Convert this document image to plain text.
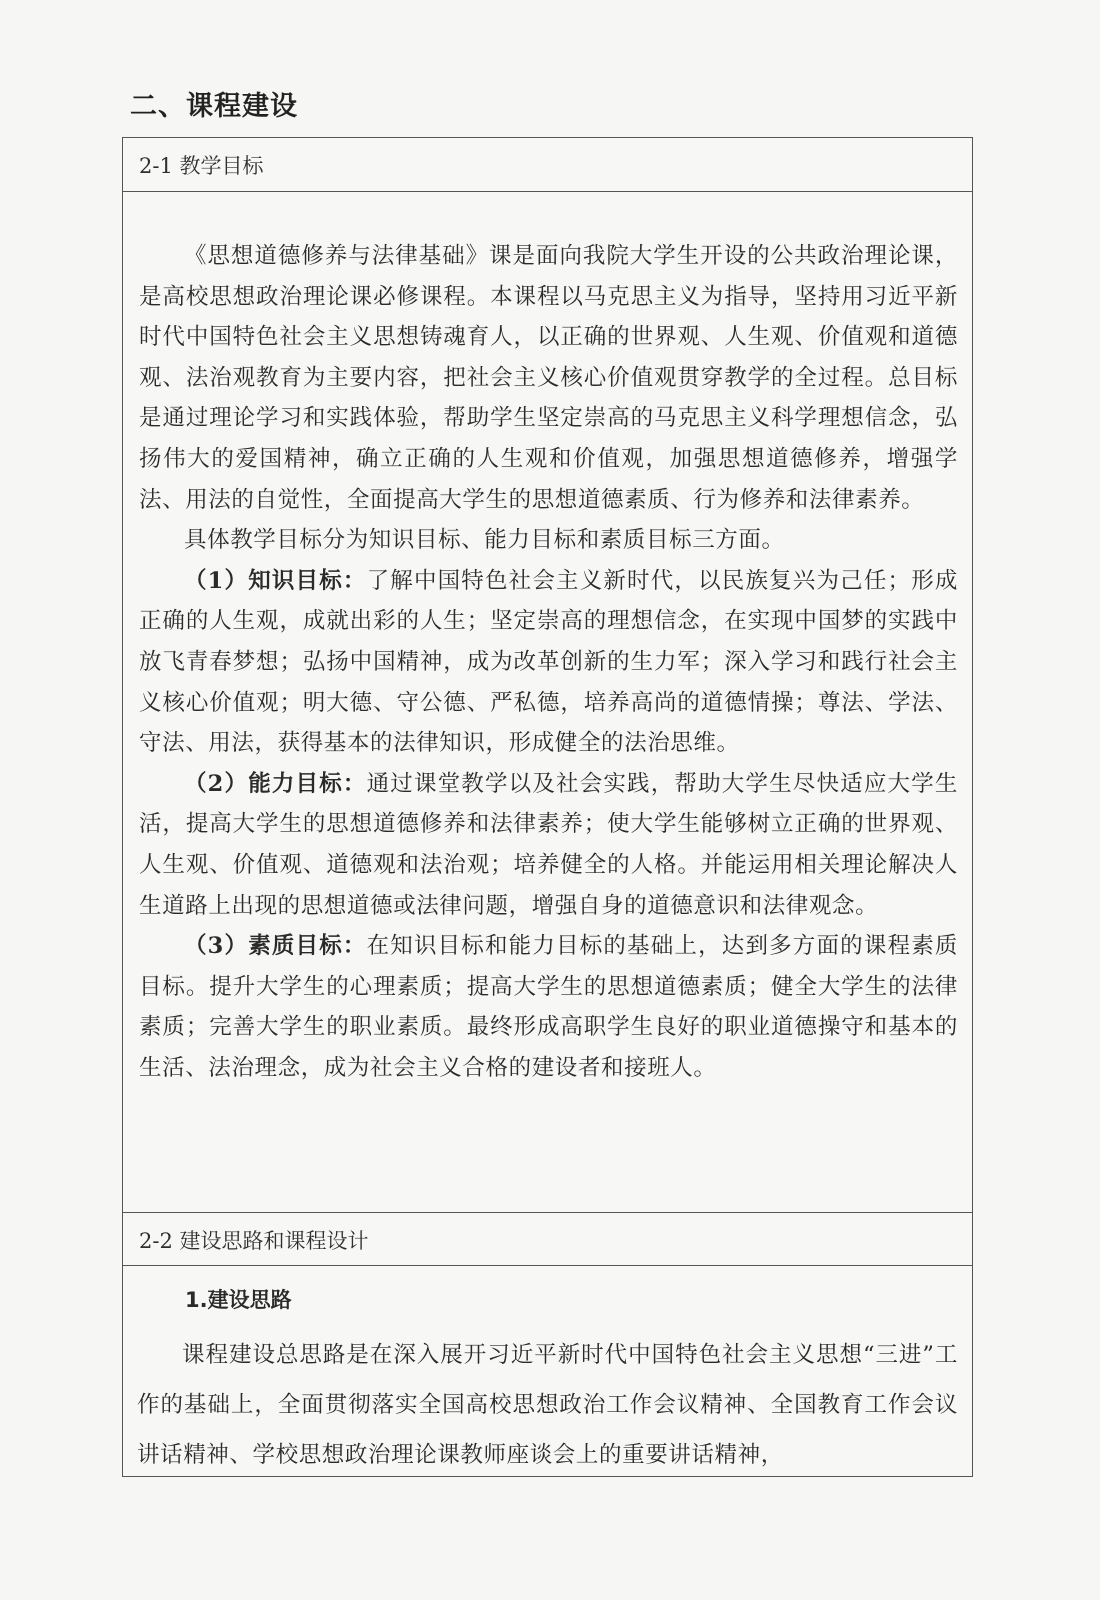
二、课程建设
2-1 教学目标

《思想道德修养与法律基础》课是面向我院大学生开设的公共政治理论课，是高校思想政治理论课必修课程。本课程以马克思主义为指导，坚持用习近平新时代中国特色社会主义思想铸魂育人，以正确的世界观、人生观、价值观和道德观、法治观教育为主要内容，把社会主义核心价值观贯穿教学的全过程。总目标是通过理论学习和实践体验，帮助学生坚定崇高的马克思主义科学理想信念，弘扬伟大的爱国精神，确立正确的人生观和价值观，加强思想道德修养，增强学法、用法的自觉性，全面提高大学生的思想道德素质、行为修养和法律素养。

具体教学目标分为知识目标、能力目标和素质目标三方面。

（1）知识目标：了解中国特色社会主义新时代，以民族复兴为己任；形成正确的人生观，成就出彩的人生；坚定崇高的理想信念，在实现中国梦的实践中放飞青春梦想；弘扬中国精神，成为改革创新的生力军；深入学习和践行社会主义核心价值观；明大德、守公德、严私德，培养高尚的道德情操；尊法、学法、守法、用法，获得基本的法律知识，形成健全的法治思维。

（2）能力目标：通过课堂教学以及社会实践，帮助大学生尽快适应大学生活，提高大学生的思想道德修养和法律素养；使大学生能够树立正确的世界观、人生观、价值观、道德观和法治观；培养健全的人格。并能运用相关理论解决人生道路上出现的思想道德或法律问题，增强自身的道德意识和法律观念。

（3）素质目标：在知识目标和能力目标的基础上，达到多方面的课程素质目标。提升大学生的心理素质；提高大学生的思想道德素质；健全大学生的法律素质；完善大学生的职业素质。最终形成高职学生良好的职业道德操守和基本的生活、法治理念，成为社会主义合格的建设者和接班人。

2-2 建设思路和课程设计
1.建设思路

课程建设总思路是在深入展开习近平新时代中国特色社会主义思想“三进”工作的基础上，全面贯彻落实全国高校思想政治工作会议精神、全国教育工作会议讲话精神、学校思想政治理论课教师座谈会上的重要讲话精神，
